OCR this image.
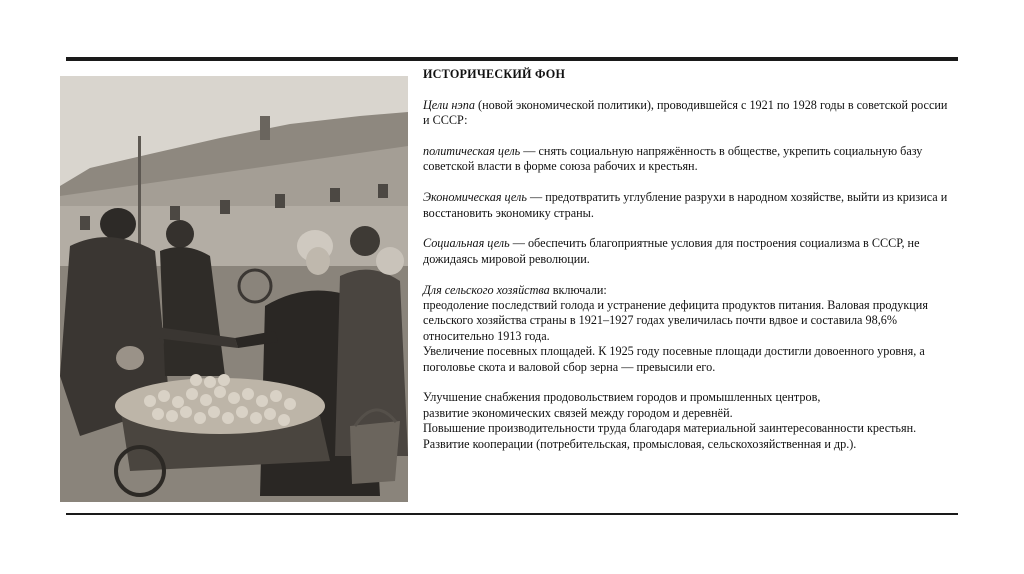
ИСТОРИЧЕСКИЙ ФОН

Цели нэпа (новой экономической политики), проводившейся с 1921 по 1928 годы в советской россии и СССР:

политическая цель — снять социальную напряжённость в обществе, укрепить социальную базу советской власти в форме союза рабочих и крестьян.

Экономическая цель — предотвратить углубление разрухи в народном хозяйстве, выйти из кризиса и восстановить экономику страны.

Социальная цель — обеспечить благоприятные условия для построения социализма в СССР, не дожидаясь мировой революции.

Для сельского хозяйства включали:

преодоление последствий голода и устранение дефицита продуктов питания. Валовая продукция сельского хозяйства страны в 1921–1927 годах увеличилась почти вдвое и составила 98,6% относительно 1913 года.

Увеличение посевных площадей. К 1925 году посевные площади достигли довоенного уровня, а поголовье скота и валовой сбор зерна — превысили его.

Улучшение снабжения продовольствием городов и промышленных центров,

развитие экономических связей между городом и деревнёй.

Повышение производительности труда благодаря материальной заинтересованности крестьян.

Развитие кооперации (потребительская, промысловая, сельскохозяйственная и др.).
